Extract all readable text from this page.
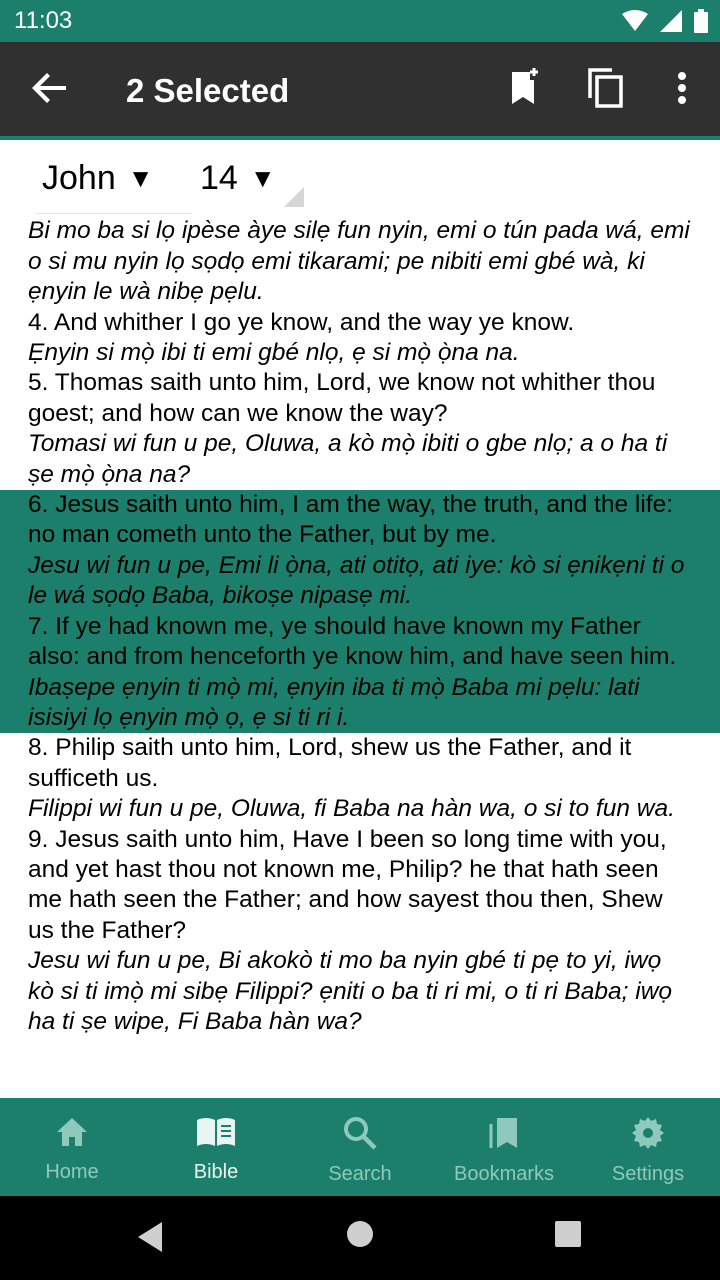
11:03
2 Selected
John ▼ 14 ▼
Bi mo ba si lọ ipèse àye silẹ fun nyin, emi o tún pada wá, emi o si mu nyin lọ sọdọ emi tikarami; pe nibiti emi gbé wà, ki ẹnyin le wà nibẹ pẹlu.
4. And whither I go ye know, and the way ye know.
Ẹnyin si mọ̀ ibi ti emi gbé nlọ, ẹ si mọ̀ ọ̀na na.
5. Thomas saith unto him, Lord, we know not whither thou goest; and how can we know the way?
Tomasi wi fun u pe, Oluwa, a kò mọ̀ ibiti o gbe nlọ; a o ha ti ṣe mọ̀ ọ̀na na?
6. Jesus saith unto him, I am the way, the truth, and the life: no man cometh unto the Father, but by me.
Jesu wi fun u pe, Emi li ọ̀na, ati otitọ, ati iye: kò si ẹnikẹni ti o le wá sọdọ Baba, bikoṣe nipasẹ mi.
7. If ye had known me, ye should have known my Father also: and from henceforth ye know him, and have seen him.
Ibaṣepe ẹnyin ti mọ̀ mi, ẹnyin iba ti mọ̀ Baba mi pẹlu: lati isisiyi lọ ẹnyin mọ̀ ọ, ẹ si ti ri i.
8. Philip saith unto him, Lord, shew us the Father, and it sufficeth us.
Filippi wi fun u pe, Oluwa, fi Baba na hàn wa, o si to fun wa.
9. Jesus saith unto him, Have I been so long time with you, and yet hast thou not known me, Philip? he that hath seen me hath seen the Father; and how sayest thou then, Shew us the Father?
Jesu wi fun u pe, Bi akokò ti mo ba nyin gbé ti pẹ to yi, iwọ kò si ti imọ̀ mi sibẹ Filippi? ẹniti o ba ti ri mi, o ti ri Baba; iwọ ha ti ṣe wipe, Fi Baba hàn wa?
Home	Bible	Search	Bookmarks	Settings
